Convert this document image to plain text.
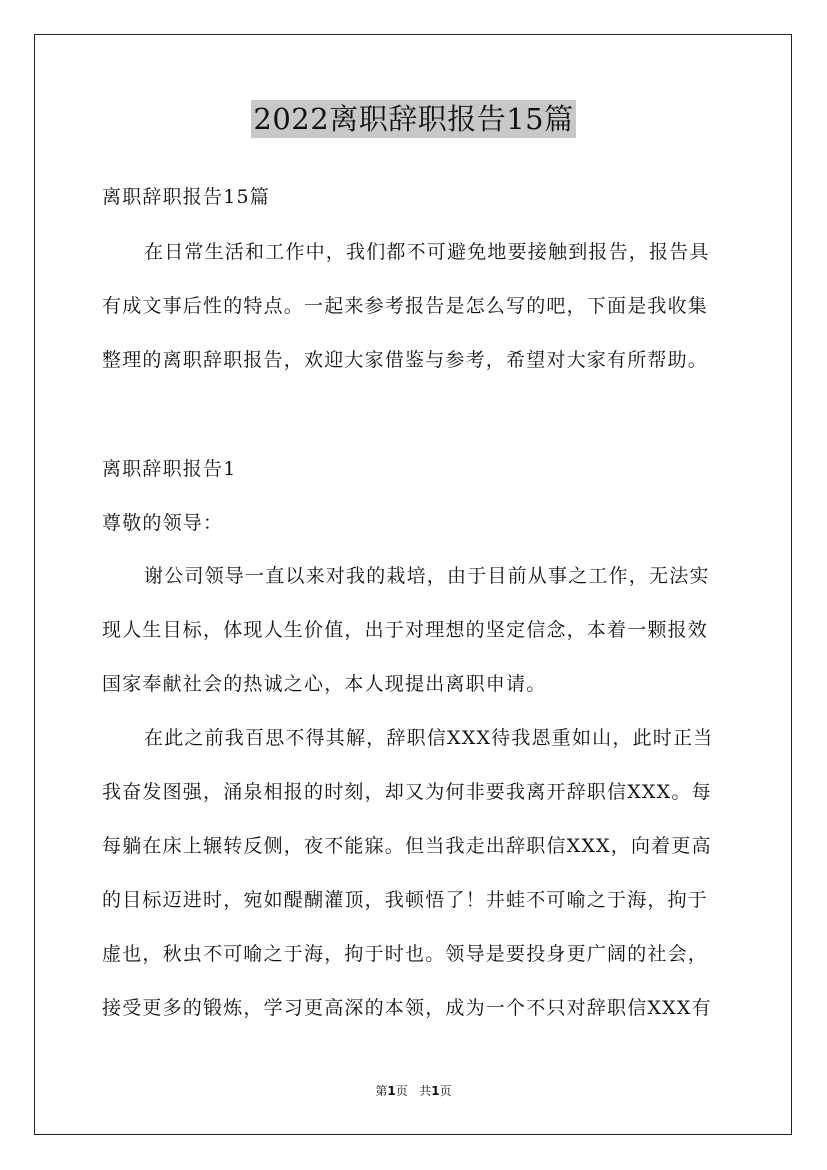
2022离职辞职报告15篇
离职辞职报告15篇
在日常生活和工作中，我们都不可避免地要接触到报告，报告具
有成文事后性的特点。一起来参考报告是怎么写的吧，下面是我收集
整理的离职辞职报告，欢迎大家借鉴与参考，希望对大家有所帮助。
离职辞职报告1
尊敬的领导：
谢公司领导一直以来对我的栽培，由于目前从事之工作，无法实
现人生目标，体现人生价值，出于对理想的坚定信念，本着一颗报效
国家奉献社会的热诚之心，本人现提出离职申请。
在此之前我百思不得其解，辞职信XXX待我恩重如山，此时正当
我奋发图强，涌泉相报的时刻，却又为何非要我离开辞职信XXX。每
每躺在床上辗转反侧，夜不能寐。但当我走出辞职信XXX，向着更高
的目标迈进时，宛如醍醐灌顶，我顿悟了！井蛙不可喻之于海，拘于
虚也，秋虫不可喻之于海，拘于时也。领导是要投身更广阔的社会，
接受更多的锻炼，学习更高深的本领，成为一个不只对辞职信XXX有
第1页 共1页
